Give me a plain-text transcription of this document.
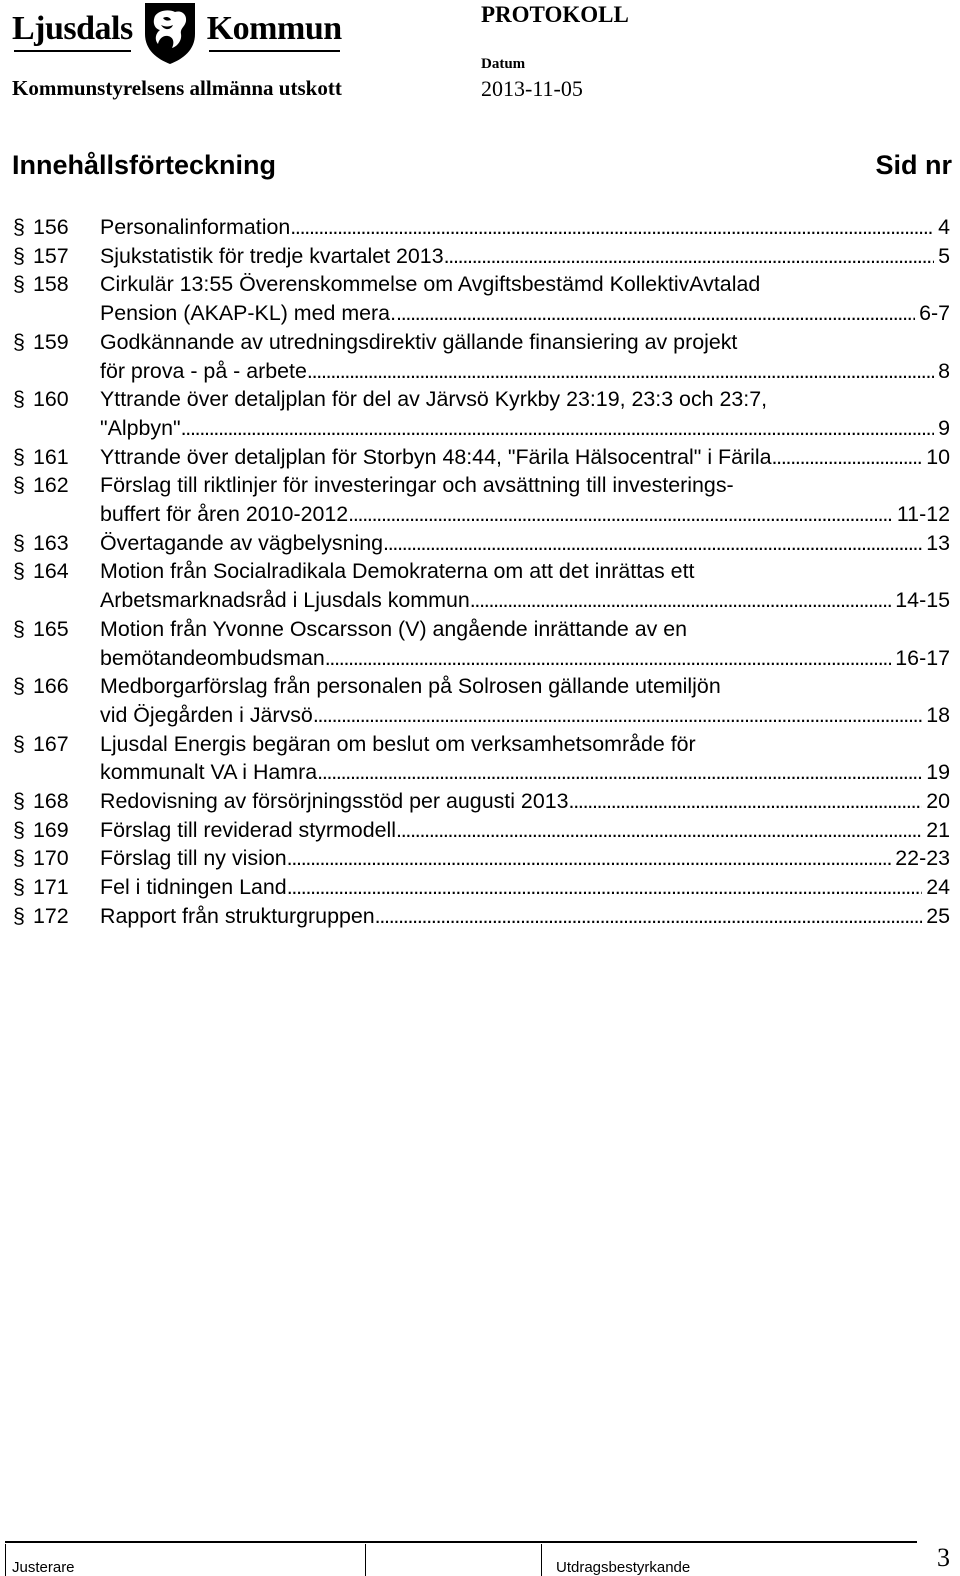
Ljusdals Kommun
Kommunstyrelsens allmänna utskott
PROTOKOLL
Datum
2013-11-05
Innehållsförteckning	Sid nr
§ 156 Personalinformation . . .	4
§ 157 Sjukstatistik för tredje kvartalet 2013 . . .	5
§ 158 Cirkulär 13:55 Överenskommelse om Avgiftsbestämd KollektivAvtalad
Pension (AKAP-KL) med mera. . . .	6-7
§ 159 Godkännande av utredningsdirektiv gällande finansiering av projekt
för prova - på - arbete . . .	8
§ 160 Yttrande över detaljplan för del av Järvsö Kyrkby 23:19, 23:3 och 23:7,
"Alpbyn" . . .	9
§ 161 Yttrande över detaljplan för Storbyn 48:44, "Färila Hälsocentral" i Färila . . .	10
§ 162 Förslag till riktlinjer för investeringar och avsättning till investerings-
buffert för åren 2010-2012 . . .	11-12
§ 163 Övertagande av vägbelysning . . .	13
§ 164 Motion från Socialradikala Demokraterna om att det inrättas ett
Arbetsmarknadsråd i Ljusdals kommun . . .	14-15
§ 165 Motion från Yvonne Oscarsson (V) angående inrättande av en
bemötandeombudsman . . .	16-17
§ 166 Medborgarförslag från personalen på Solrosen gällande utemiljön
vid Öjegården i Järvsö . . .	18
§ 167 Ljusdal Energis begäran om beslut om verksamhetsområde för
kommunalt VA i Hamra . . .	19
§ 168 Redovisning av försörjningsstöd per augusti 2013 . . .	20
§ 169 Förslag till reviderad styrmodell . . .	21
§ 170 Förslag till ny vision . . .	22-23
§ 171 Fel i tidningen Land . . .	24
§ 172 Rapport från strukturgruppen . . .	25
Justerare	Utdragsbestyrkande	3
